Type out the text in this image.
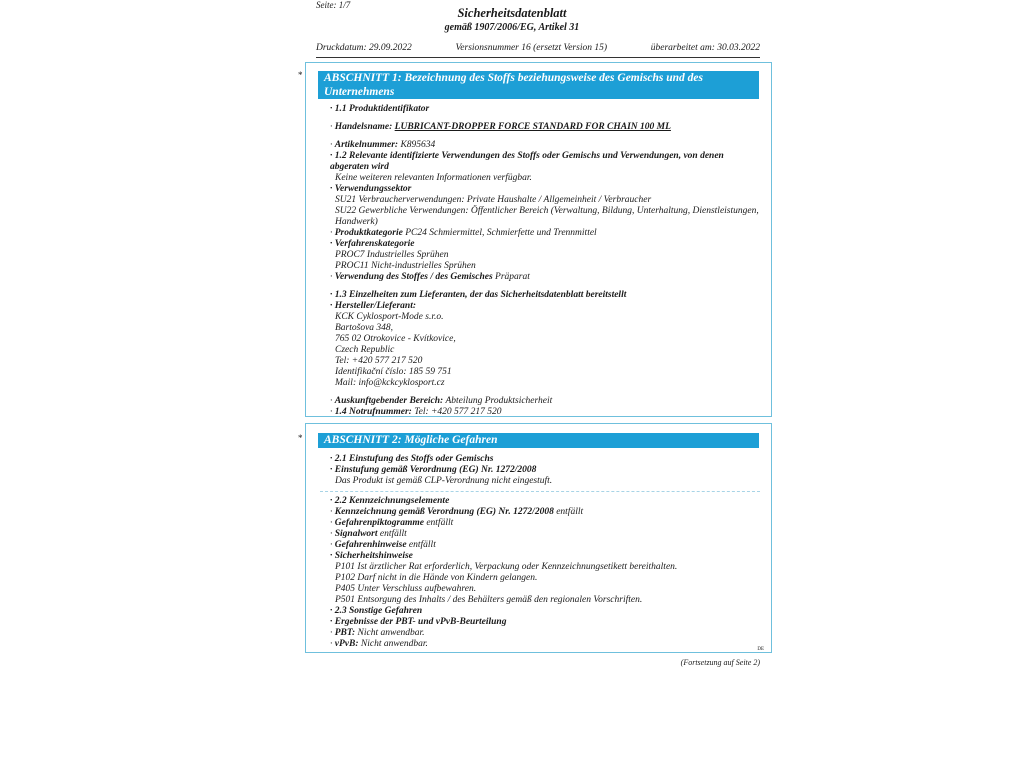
Seite: 1/7
Sicherheitsdatenblatt
gemäß 1907/2006/EG, Artikel 31
Druckdatum: 29.09.2022	Versionsnummer 16 (ersetzt Version 15)	überarbeitet am: 30.03.2022
*	ABSCHNITT 1: Bezeichnung des Stoffs beziehungsweise des Gemischs und des Unternehmens
· 1.1 Produktidentifikator
· Handelsname: LUBRICANT-DROPPER FORCE STANDARD FOR CHAIN 100 ML
· Artikelnummer: K895634
· 1.2 Relevante identifizierte Verwendungen des Stoffs oder Gemischs und Verwendungen, von denen abgeraten wird
Keine weiteren relevanten Informationen verfügbar.
· Verwendungssektor
SU21 Verbraucherverwendungen: Private Haushalte / Allgemeinheit / Verbraucher
SU22 Gewerbliche Verwendungen: Öffentlicher Bereich (Verwaltung, Bildung, Unterhaltung, Dienstleistungen, Handwerk)
· Produktkategorie PC24 Schmiermittel, Schmierfette und Trennmittel
· Verfahrenskategorie
PROC7 Industrielles Sprühen
PROC11 Nicht-industrielles Sprühen
· Verwendung des Stoffes / des Gemisches Präparat
· 1.3 Einzelheiten zum Lieferanten, der das Sicherheitsdatenblatt bereitstellt
· Hersteller/Lieferant:
KCK Cyklosport-Mode s.r.o.
Bartošova 348,
765 02 Otrokovice - Kvítkovice,
Czech Republic
Tel: +420 577 217 520
Identifikační číslo: 185 59 751
Mail: info@kckcyklosport.cz
· Auskunftgebender Bereich: Abteilung Produktsicherheit
· 1.4 Notrufnummer: Tel: +420 577 217 520
*	ABSCHNITT 2: Mögliche Gefahren
· 2.1 Einstufung des Stoffs oder Gemischs
· Einstufung gemäß Verordnung (EG) Nr. 1272/2008
Das Produkt ist gemäß CLP-Verordnung nicht eingestuft.
· 2.2 Kennzeichnungselemente
· Kennzeichnung gemäß Verordnung (EG) Nr. 1272/2008 entfällt
· Gefahrenpiktogramme entfällt
· Signalwort entfällt
· Gefahrenhinweise entfällt
· Sicherheitshinweise
P101 Ist ärztlicher Rat erforderlich, Verpackung oder Kennzeichnungsetikett bereithalten.
P102 Darf nicht in die Hände von Kindern gelangen.
P405 Unter Verschluss aufbewahren.
P501 Entsorgung des Inhalts / des Behälters gemäß den regionalen Vorschriften.
· 2.3 Sonstige Gefahren
· Ergebnisse der PBT- und vPvB-Beurteilung
· PBT: Nicht anwendbar.
· vPvB: Nicht anwendbar.
DE
(Fortsetzung auf Seite 2)
